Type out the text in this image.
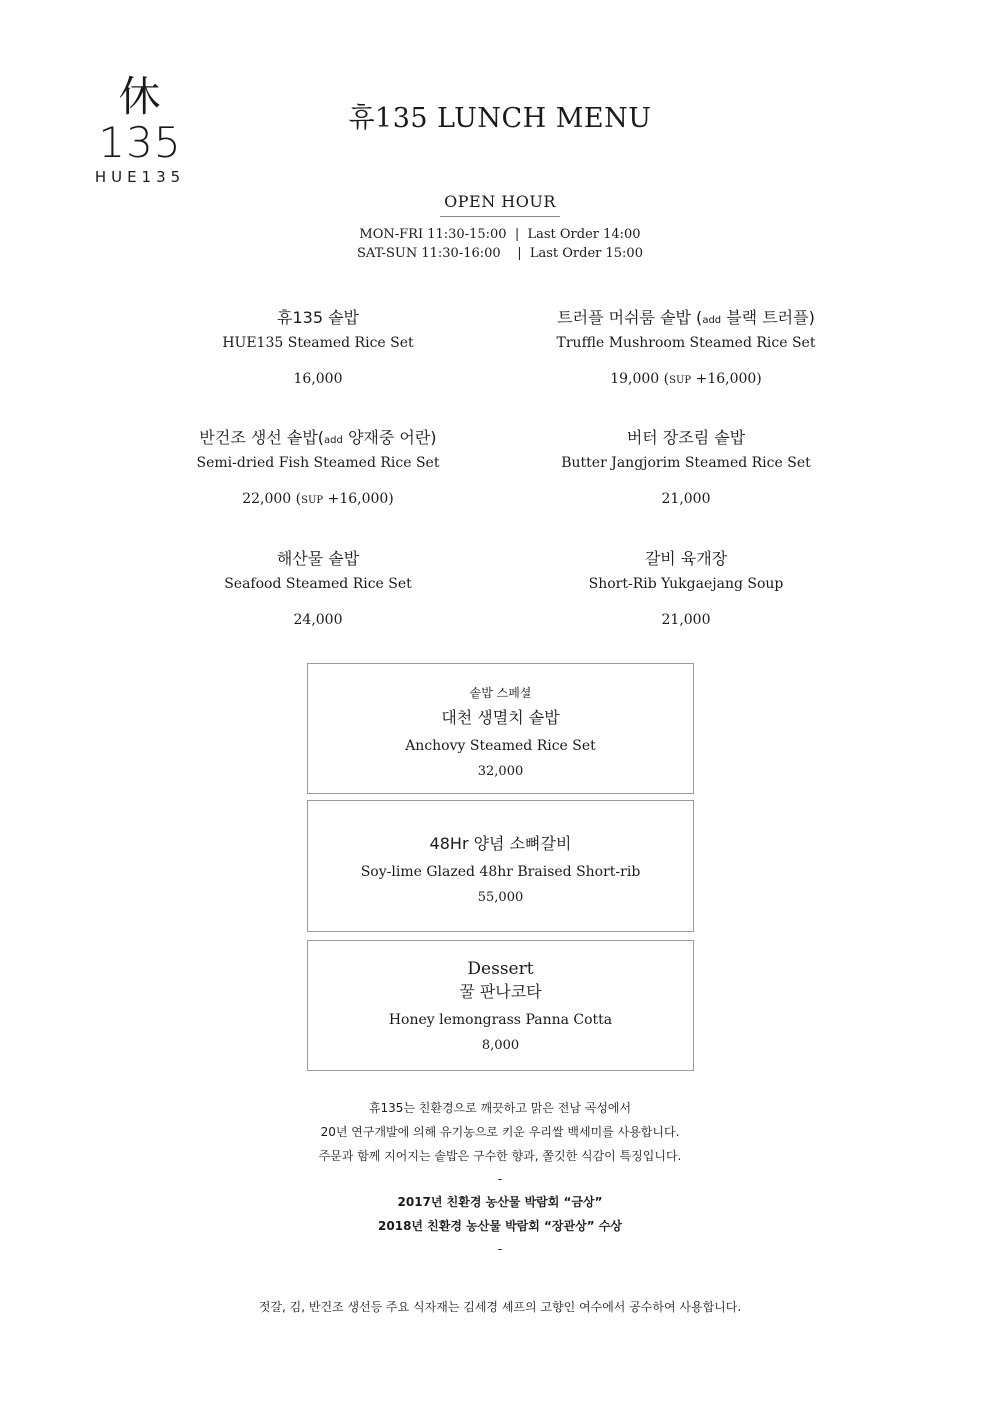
休135
HUE135
휴135 LUNCH MENU
OPEN HOUR
MON-FRI 11:30-15:00  |  Last Order 14:00
SAT-SUN 11:30-16:00    |  Last Order 15:00
휴135 솥밥
HUE135 Steamed Rice Set
16,000
트러플 머쉬룸 솥밥 (add 블랙 트러플)
Truffle Mushroom Steamed Rice Set
19,000 (SUP +16,000)
반건조 생선 솥밥(add 양재중 어란)
Semi-dried Fish Steamed Rice Set
22,000 (SUP +16,000)
버터 장조림 솥밥
Butter Jangjorim Steamed Rice Set
21,000
해산물 솥밥
Seafood Steamed Rice Set
24,000
갈비 육개장
Short-Rib Yukgaejang Soup
21,000
솥밥 스페셜
대천 생멸치 솥밥
Anchovy Steamed Rice Set
32,000
48Hr 양념 소뼈갈비
Soy-lime Glazed 48hr Braised Short-rib
55,000
Dessert
꿀 판나코타
Honey lemongrass Panna Cotta
8,000
휴135는 친환경으로 깨끗하고 맑은 전남 곡성에서
20년 연구개발에 의해 유기농으로 키운 우리쌀 백세미를 사용합니다.
주문과 함께 지어지는 솥밥은 구수한 향과, 쫄깃한 식감이 특징입니다.
-
2017년 친환경 농산물 박람회 “금상”
2018년 친환경 농산물 박람회 “장관상” 수상
-
젓갈, 김, 반건조 생선등 주요 식자재는 김세경 셰프의 고향인 여수에서 공수하여 사용합니다.
